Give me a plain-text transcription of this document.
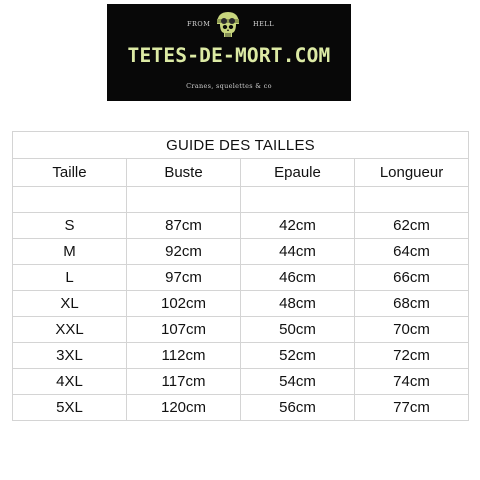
FROM	HELL
TETES-DE-MORT.COM
Cranes, squelettes & co
GUIDE DES TAILLES			
Taille	Buste	Epaule	Longueur

S	87cm	42cm	62cm
M	92cm	44cm	64cm
L	97cm	46cm	66cm
XL	102cm	48cm	68cm
XXL	107cm	50cm	70cm
3XL	112cm	52cm	72cm
4XL	117cm	54cm	74cm
5XL	120cm	56cm	77cm
